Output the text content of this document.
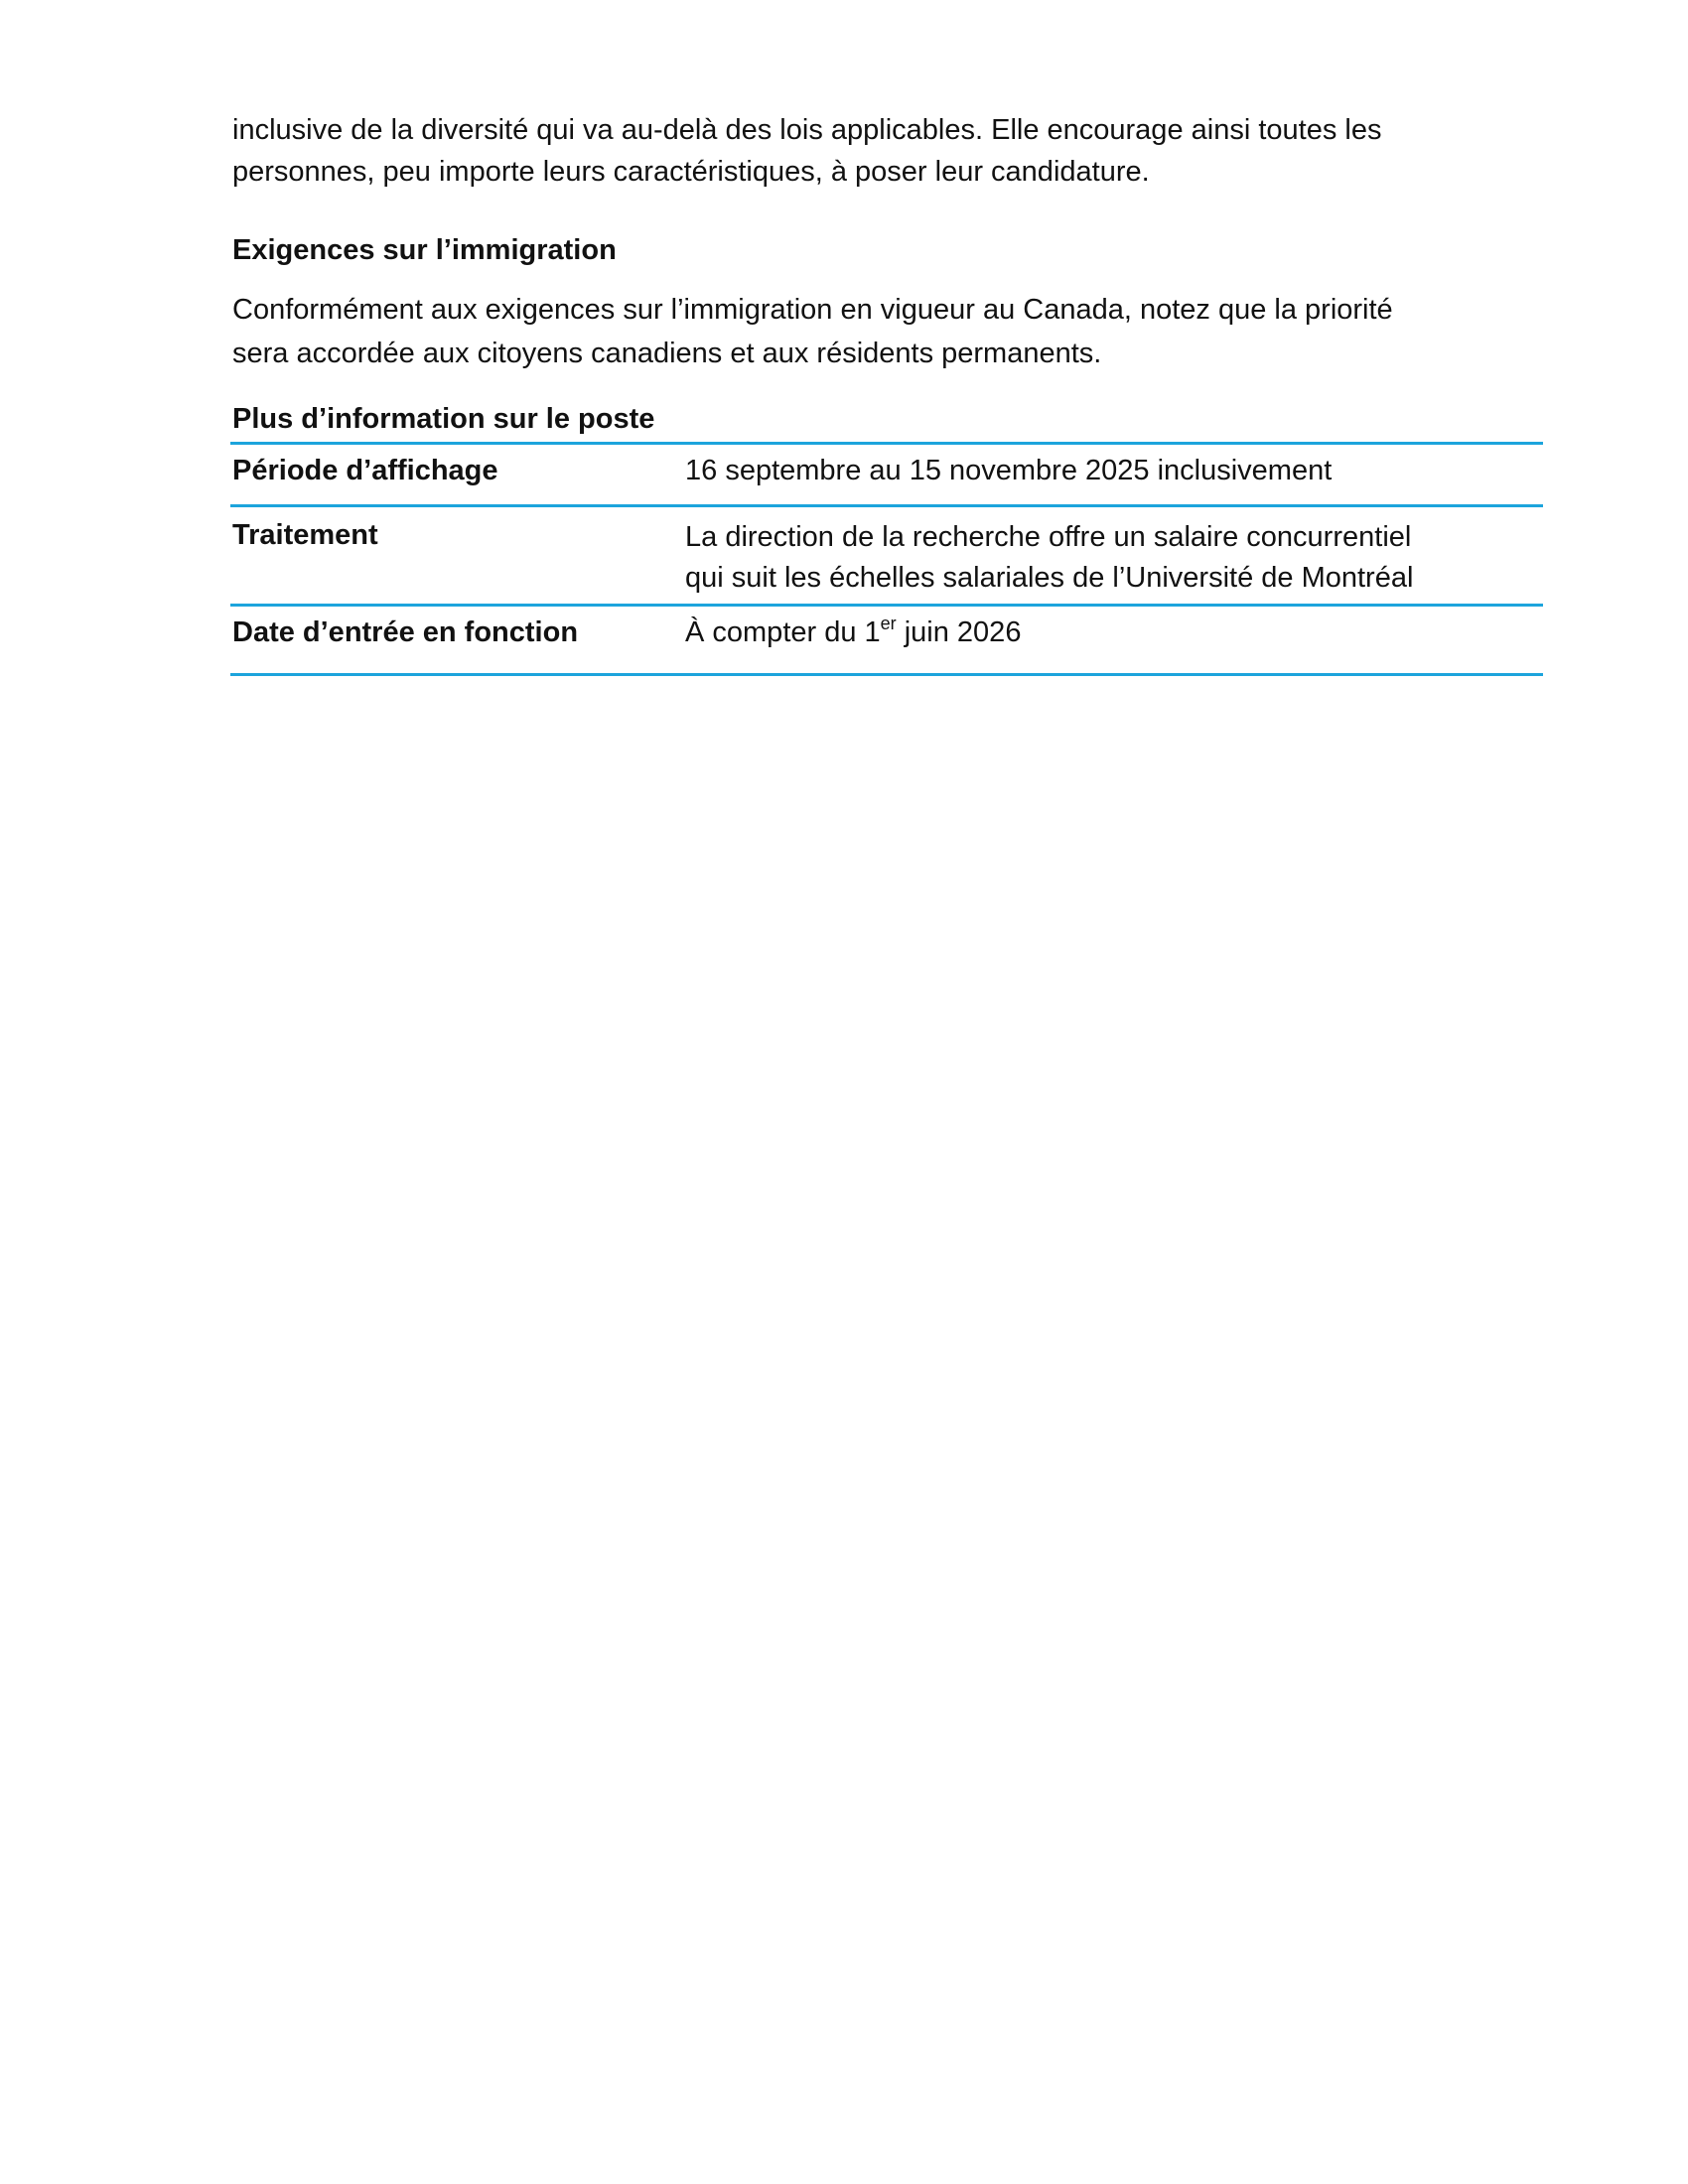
inclusive de la diversité qui va au-delà des lois applicables. Elle encourage ainsi toutes les
personnes, peu importe leurs caractéristiques, à poser leur candidature.

Exigences sur l’immigration

Conformément aux exigences sur l’immigration en vigueur au Canada, notez que la priorité
sera accordée aux citoyens canadiens et aux résidents permanents.

Plus d’information sur le poste
Période d’affichage	16 septembre au 15 novembre 2025 inclusivement
Traitement	La direction de la recherche offre un salaire concurrentiel
qui suit les échelles salariales de l’Université de Montréal

Date d’entrée en fonction	À compter du 1er juin 2026
